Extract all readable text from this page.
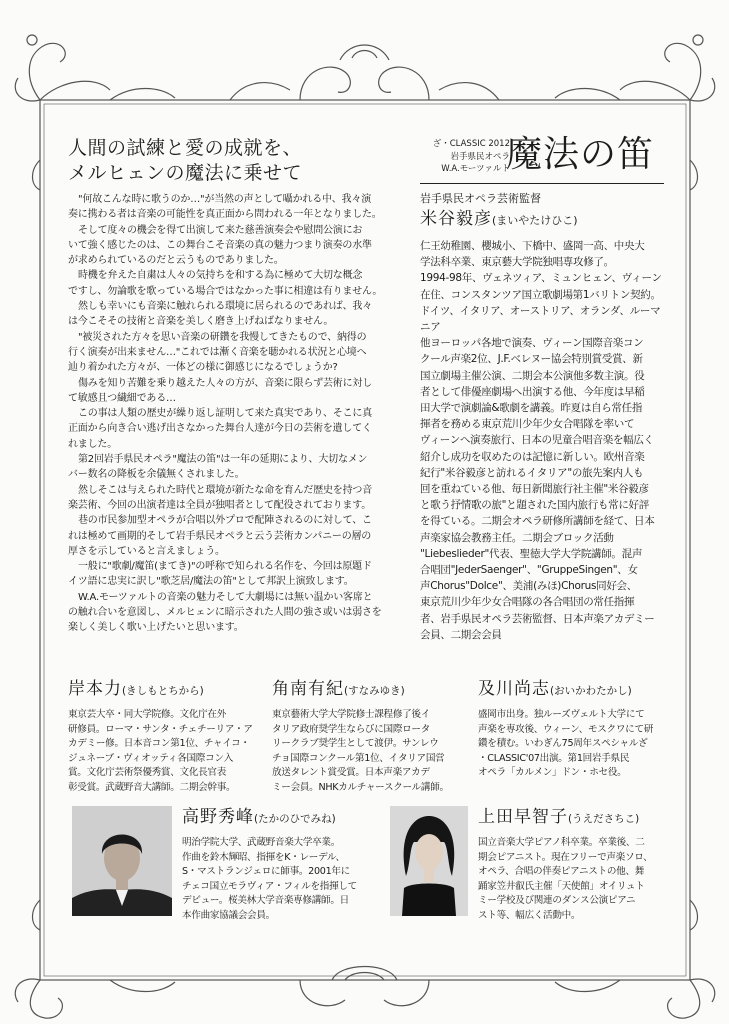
人間の試練と愛の成就を、
メルヒェンの魔法に乗せて

"何故こんな時に歌うのか…"が当然の声として囁かれる中、我々演
奏に携わる者は音楽の可能性を真正面から問われる一年となりました。

そして度々の機会を得て出演して来た慈善演奏会や慰問公演にお
いて強く感じたのは、この舞台こそ音楽の真の魅力つまり演奏の水準
が求められているのだと云うものでありました。

時機を弁えた自粛は人々の気持ちを和する為に極めて大切な概念
ですし、勿論歌を歌っている場合ではなかった事に相違は有りません。

然しも幸いにも音楽に触れられる環境に居られるのであれば、我々
は今こそその技術と音楽を美しく磨き上げねばなりません。

"被災された方々を思い音楽の研鑽を我慢してきたもので、納得の
行く演奏が出来ません…"これでは漸く音楽を聴かれる状況と心境へ
辿り着かれた方々が、一体どの様に御感じになるでしょうか?

傷みを知り苦難を乗り越えた人々の方が、音楽に限らず芸術に対し
て敏感且つ繊細である…

この事は人類の歴史が繰り返し証明して来た真実であり、そこに真
正面から向き合い逃げ出さなかった舞台人達が今日の芸術を遺してく
れました。

第2回岩手県民オペラ"魔法の笛"は一年の延期により、大切なメン
バー数名の降板を余儀無くされました。

然しそこは与えられた時代と環境が新たな命を育んだ歴史を持つ音
楽芸術、今回の出演者達は全員が独唱者として配役されております。

巷の市民参加型オペラが合唱以外プロで配陣されるのに対して、こ
れは極めて画期的そして岩手県民オペラと云う芸術カンパニーの層の
厚さを示していると言えましょう。

一般に"歌劇/魔笛(まてき)"の呼称で知られる名作を、今回は原題ド
イツ語に忠実に訳し"歌芝居/魔法の笛"として邦訳上演致します。

W.A.モーツァルトの音楽の魅力そして大劇場には無い温かい客席と
の触れ合いを意図し、メルヒェンに暗示された人間の強さ或いは弱さを
楽しく美しく歌い上げたいと思います。

ざ・CLASSIC 2012
岩手県民オペラ
W.A.モーツァルト
魔法の笛
岩手県民オペラ芸術監督
米谷毅彦(まいやたけひこ)
仁王幼稚園、櫻城小、下橋中、盛岡一高、中央大
学法科卒業、東京藝大学院独唱専攻修了。
1994-98年、ヴェネツィア、ミュンヒェン、ヴィーン
在住、コンスタンツア国立歌劇場第1バリトン契約。
ドイツ、イタリア、オーストリア、オランダ、ルーマニア
他ヨーロッパ各地で演奏、ヴィーン国際音楽コン
クール声楽2位、J.F.ベレヌー協会特別賞受賞、新
国立劇場主催公演、二期会本公演他多数主演。役
者として俳優座劇場へ出演する他、今年度は早稲
田大学で演劇論&歌劇を講義。昨夏は自ら常任指
揮者を務める東京荒川少年少女合唱隊を率いて
ヴィーンへ演奏旅行、日本の児童合唱音楽を幅広く
紹介し成功を収めたのは記憶に新しい。欧州音楽
紀行"米谷毅彦と訪れるイタリア"の旅先案内人も
回を重ねている他、毎日新聞旅行社主催"米谷毅彦
と歌う抒情歌の旅"と題された国内旅行も常に好評
を得ている。二期会オペラ研修所講師を経て、日本
声楽家協会教務主任。二期会ブロック活動
"Liebeslieder"代表、聖徳大学大学院講師。混声
合唱団"JederSaenger"、"GruppeSingen"、女
声Chorus"Dolce"、美浦(みほ)Chorus同好会、
東京荒川少年少女合唱隊の各合唱団の常任指揮
者、岩手県民オペラ芸術監督、日本声楽アカデミー
会員、二期会会員
岸本力(きしもとちから)
東京芸大卒・同大学院修。文化庁在外
研修員。ローマ・サンタ・チェチーリア・ア
カデミー修。日本音コン第1位、チャイコ・
ジュネーブ・ヴィオッティ各国際コン入
賞。文化庁芸術祭優秀賞、文化長官表
彰受賞。武蔵野音大講師。二期会幹事。
角南有紀(すなみゆき)
東京藝術大学大学院修士課程修了後イ
タリア政府奨学生ならびに国際ロータ
リークラブ奨学生として渡伊。サンレウ
チョ国際コンクール第1位、イタリア国営
放送タレント賞受賞。日本声楽アカデ
ミー会員。NHKカルチャースクール講師。
及川尚志(おいかわたかし)
盛岡市出身。独ルーズヴェルト大学にて
声楽を専攻後、ウィーン、モスクワにて研
鑽を積む。いわぎん75周年スペシャルざ
・CLASSIC'07出演。第1回岩手県民
オペラ「カルメン」ドン・ホセ役。
高野秀峰(たかのひでみね)
明治学院大学、武蔵野音楽大学卒業。
作曲を鈴木輝昭、指揮をK・レーデル、
S・マストランジェロに師事。2001年に
チェコ国立モラヴィア・フィルを指揮して
デビュー。桜美林大学音楽専修講師。日
本作曲家協議会会員。
上田早智子(うえださちこ)
国立音楽大学ピアノ科卒業。卒業後、二
期会ピアニスト。現在フリーで声楽ソロ、
オペラ、合唱の伴奏ピアニストの他、舞
踊家笠井叡氏主催「天使館」オイリュト
ミー学校及び関連のダンス公演ピアニ
スト等、幅広く活動中。
